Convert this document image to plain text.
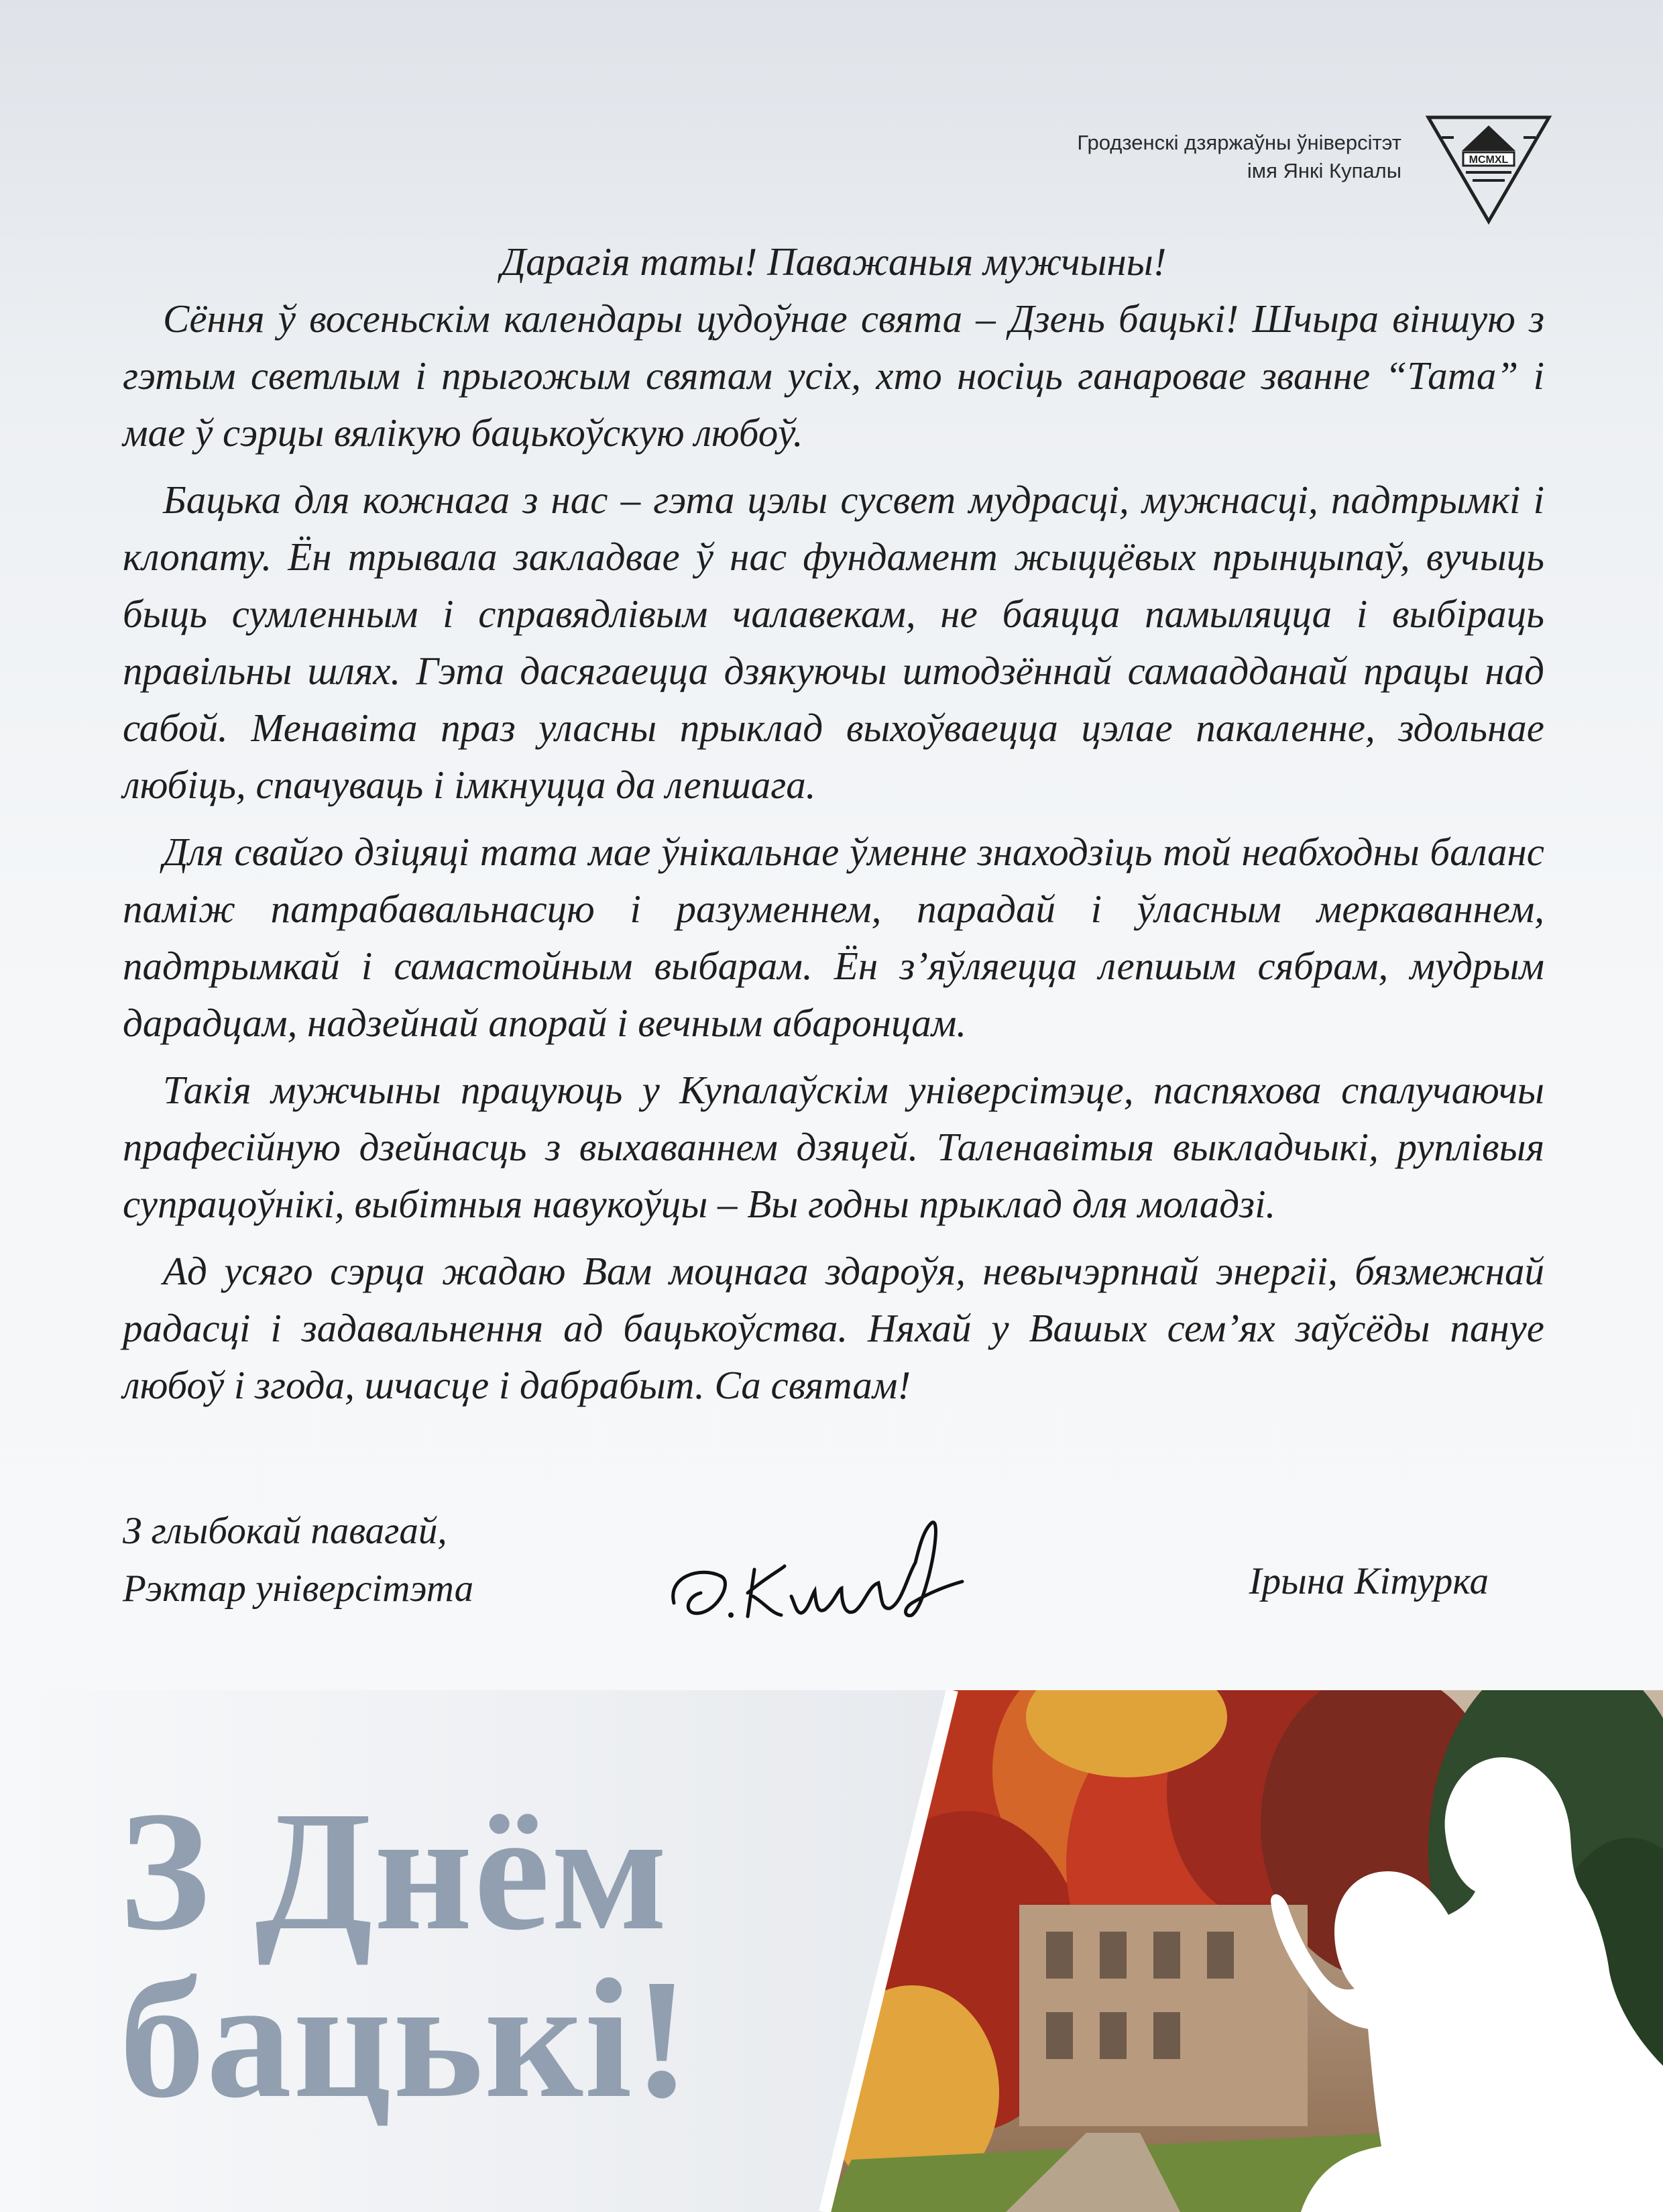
Гродзенскі дзяржаўны ўніверсітэт
імя Янкі Купалы	MCMXL

Дарагія таты! Паважаныя мужчыны!

Сёння ў восеньскім календары цудоўнае свята – Дзень бацькі! Шчыра віншую з гэтым светлым і прыгожым святам усіх, хто носіць ганаровае званне “Тата” і мае ў сэрцы вялікую бацькоўскую любоў.

Бацька для кожнага з нас – гэта цэлы сусвет мудрасці, мужнасці, падтрымкі і клопату. Ён трывала закладвае ў нас фундамент жыццёвых прынцыпаў, вучыць быць сумленным і справядлівым чалавекам, не баяцца памыляцца і выбіраць правільны шлях. Гэта дасягаецца дзякуючы штодзённай самаадданай працы над сабой. Менавіта праз уласны прыклад выхоўваецца цэлае пакаленне, здольнае любіць, спачуваць і імкнуцца да лепшага.

Для свайго дзіцяці тата мае ўнікальнае ўменне знаходзіць той неабходны баланс паміж патрабавальнасцю і разуменнем, парадай і ўласным меркаваннем, падтрымкай і самастойным выбарам. Ён з’яўляецца лепшым сябрам, мудрым дарадцам, надзейнай апорай і вечным абаронцам.

Такія мужчыны працуюць у Купалаўскім універсітэце, паспяхова спалучаючы прафесійную дзейнасць з выхаваннем дзяцей. Таленавітыя выкладчыкі, руплівыя супрацоўнікі, выбітныя навукоўцы – Вы годны прыклад для моладзі.

Ад усяго сэрца жадаю Вам моцнага здароўя, невычэрпнай энергіі, бязмежнай радасці і задавальнення ад бацькоўства. Няхай у Вашых сем’ях заўсёды пануе любоў і згода, шчасце і дабрабыт. Са святам!

З глыбокай павагай,
Рэктар універсітэта	Ірына Кітурка
З Днём
бацькі!
